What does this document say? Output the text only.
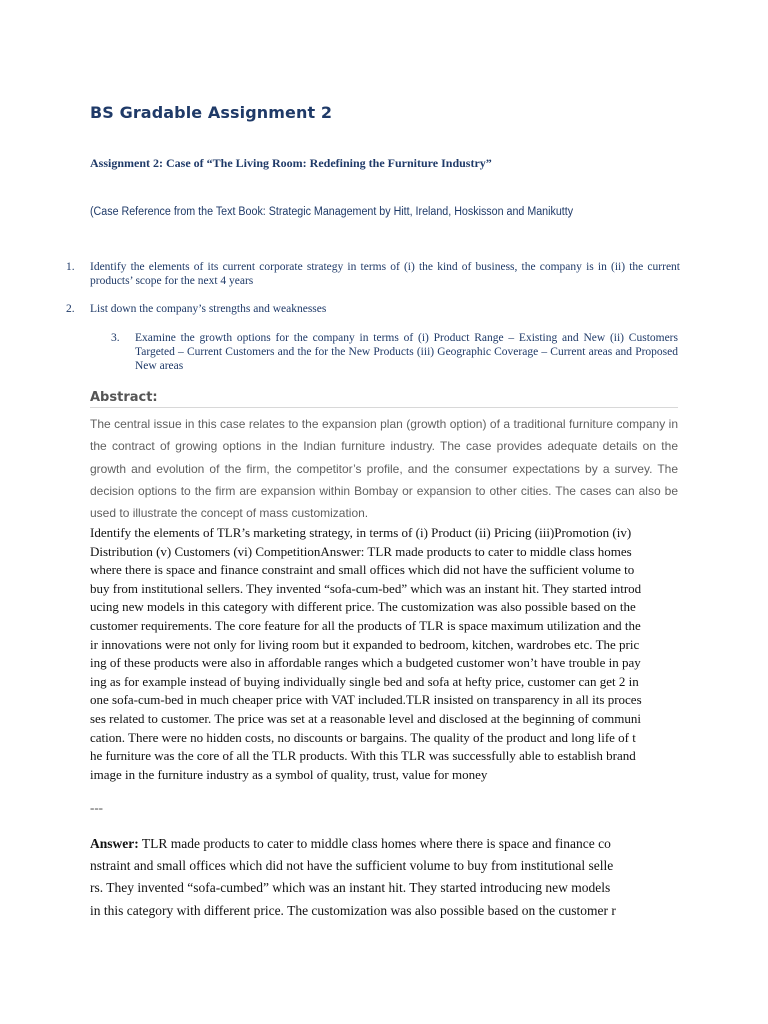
BS Gradable Assignment 2
Assignment 2: Case of “The Living Room: Redefining the Furniture Industry”
(Case Reference from the Text Book: Strategic Management by Hitt, Ireland, Hoskisson and Manikutty
1. Identify the elements of its current corporate strategy in terms of (i) the kind of business, the company is in (ii) the current products’ scope for the next 4 years
2. List down the company’s strengths and weaknesses
3. Examine the growth options for the company in terms of (i) Product Range – Existing and New (ii) Customers Targeted – Current Customers and the for the New Products (iii) Geographic Coverage – Current areas and Proposed New areas
Abstract:
The central issue in this case relates to the expansion plan (growth option) of a traditional furniture company in the contract of growing options in the Indian furniture industry. The case provides adequate details on the growth and evolution of the firm, the competitor’s profile, and the consumer expectations by a survey. The decision options to the firm are expansion within Bombay or expansion to other cities. The cases can also be used to illustrate the concept of mass customization.
Identify the elements of TLR’s marketing strategy, in terms of (i) Product (ii) Pricing (iii)Promotion (iv)
Distribution (v) Customers (vi) CompetitionAnswer: TLR made products to cater to middle class homes
where there is space and finance constraint and small offices which did not have the sufficient volume to
buy from institutional sellers. They invented “sofa-cum-bed” which was an instant hit. They started introd
ucing new models in this category with different price. The customization was also possible based on the
customer requirements. The core feature for all the products of TLR is space maximum utilization and the
ir innovations were not only for living room but it expanded to bedroom, kitchen, wardrobes etc. The pric
ing of these products were also in affordable ranges which a budgeted customer won’t have trouble in pay
ing as for example instead of buying individually single bed and sofa at hefty price, customer can get 2 in
one sofa-cum-bed in much cheaper price with VAT included.TLR insisted on transparency in all its proces
ses related to customer. The price was set at a reasonable level and disclosed at the beginning of communi
cation. There were no hidden costs, no discounts or bargains. The quality of the product and long life of t
he furniture was the core of all the TLR products. With this TLR was successfully able to establish brand
image in the furniture industry as a symbol of quality, trust, value for money
---
Answer: TLR made products to cater to middle class homes where there is space and finance co
nstraint and small offices which did not have the sufficient volume to buy from institutional selle
rs. They invented “sofa-cumbed” which was an instant hit. They started introducing new models
in this category with different price. The customization was also possible based on the customer r
